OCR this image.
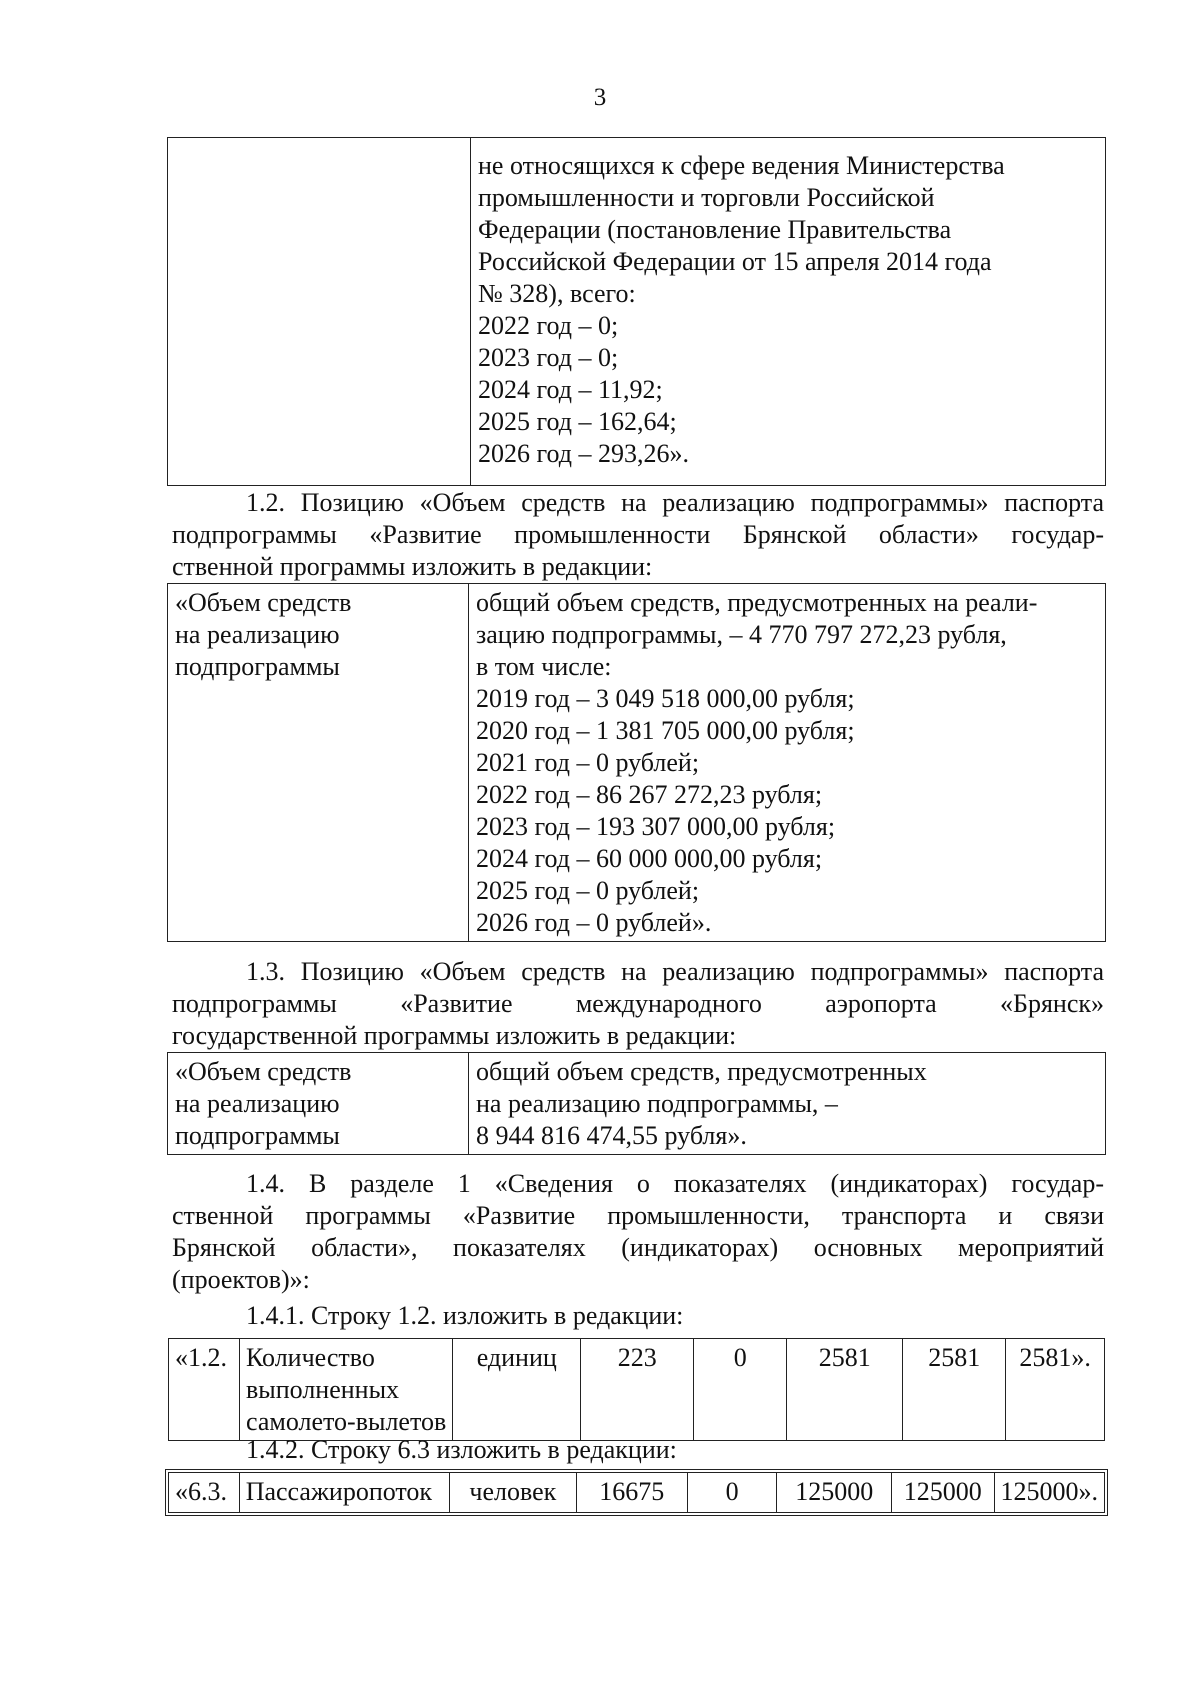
3

не относящихся к сфере ведения Министерства
промышленности и торговли Российской
Федерации (постановление Правительства
Российской Федерации от 15 апреля 2014 года
№ 328), всего:
2022 год – 0;
2023 год – 0;
2024 год – 11,92;
2025 год – 162,64;
2026 год – 293,26».
1.2. Позицию «Объем средств на реализацию подпрограммы» паспорта
подпрограммы «Развитие промышленности Брянской области» государ-
ственной программы изложить в редакции:
«Объем средств
на реализацию
подпрограммы

общий объем средств, предусмотренных на реали-
зацию подпрограммы, – 4 770 797 272,23 рубля,
в том числе:
2019 год – 3 049 518 000,00 рубля;
2020 год – 1 381 705 000,00 рубля;
2021 год – 0 рублей;
2022 год – 86 267 272,23 рубля;
2023 год – 193 307 000,00 рубля;
2024 год – 60 000 000,00 рубля;
2025 год – 0 рублей;
2026 год – 0 рублей».
1.3. Позицию «Объем средств на реализацию подпрограммы» паспорта
подпрограммы «Развитие международного аэропорта «Брянск»
государственной программы изложить в редакции:
«Объем средств
на реализацию
подпрограммы

общий объем средств, предусмотренных
на реализацию подпрограммы, –
8 944 816 474,55 рубля».
1.4. В разделе 1 «Сведения о показателях (индикаторах) государ-
ственной программы «Развитие промышленности, транспорта и связи
Брянской области», показателях (индикаторах) основных мероприятий
(проектов)»:
1.4.1. Строку 1.2. изложить в редакции:
«1.2.	Количество
выполненных
самолето-вылетов
	единиц	223	0	2581	2581	2581».
1.4.2. Строку 6.3 изложить в редакции:
«6.3.	Пассажиропоток	человек	16675	0	125000	125000	125000».
